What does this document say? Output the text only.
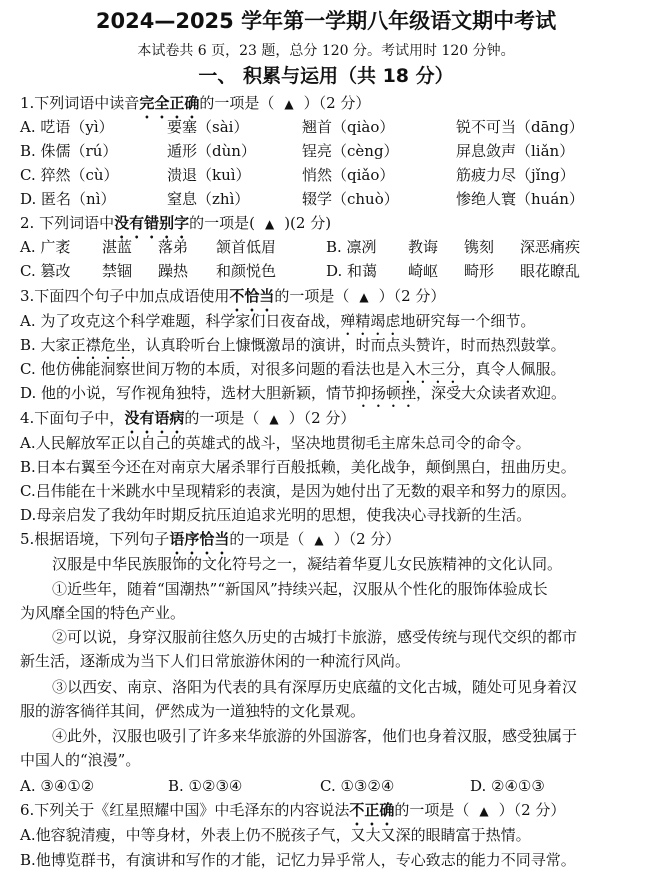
2024—2025 学年第一学期八年级语文期中考试
本试卷共 6 页，23 题，总分 120 分。考试用时 120 分钟。
一、 积累与运用（共 18 分）
1.下列词语中读音完全正确的一项是（ ▲ ）（2 分）
A. 呓语（yì）	要塞（sài）	翘首（qiào）	锐不可当（dāng）
B. 侏儒（rú）	遁形（dùn）	锃亮（cèng）	屏息敛声（liǎn）
C. 猝然（cù）	溃退（kuì）	悄然（qiǎo）	筋疲力尽（jǐng）
D. 匿名（nì）	窒息（zhì）	辍学（chuò）	惨绝人寰（huán）
2. 下列词语中没有错别字的一项是( ▲ )(2 分)
A. 广袤 湛蓝 落弟 颔首低眉	B. 凛冽 教诲 镌刻 深恶痛疾
C. 篡改 禁锢 躁热 和颜悦色	D. 和蔼 崎岖 畸形 眼花瞭乱
3.下面四个句子中加点成语使用不恰当的一项是（ ▲ ）（2 分）
A. 为了攻克这个科学难题，科学家们日夜奋战，殚精竭虑地研究每一个细节。
B. 大家正襟危坐，认真聆听台上慷慨激昂的演讲，时而点头赞许，时而热烈鼓掌。
C. 他仿佛能洞察世间万物的本质，对很多问题的看法也是入木三分，真令人佩服。
D. 他的小说，写作视角独特，选材大胆新颖，情节抑扬顿挫，深受大众读者欢迎。
4.下面句子中，没有语病的一项是（ ▲ ）（2 分）
A.人民解放军正以自己的英雄式的战斗，坚决地贯彻毛主席朱总司令的命令。
B.日本右翼至今还在对南京大屠杀罪行百般抵赖，美化战争，颠倒黑白，扭曲历史。
C.吕伟能在十米跳水中呈现精彩的表演，是因为她付出了无数的艰辛和努力的原因。
D.母亲启发了我幼年时期反抗压迫追求光明的思想，使我决心寻找新的生活。
5.根据语境，下列句子语序恰当的一项是（ ▲ ）（2 分）
汉服是中华民族服饰的文化符号之一，凝结着华夏儿女民族精神的文化认同。
①近些年，随着“国潮热”“新国风”持续兴起，汉服从个性化的服饰体验成长
为风靡全国的特色产业。
②可以说，身穿汉服前往悠久历史的古城打卡旅游，感受传统与现代交织的都市
新生活，逐渐成为当下人们日常旅游休闲的一种流行风尚。
③以西安、南京、洛阳为代表的具有深厚历史底蕴的文化古城，随处可见身着汉
服的游客徜徉其间，俨然成为一道独特的文化景观。
④此外，汉服也吸引了许多来华旅游的外国游客，他们也身着汉服，感受独属于
中国人的“浪漫”。
A. ③④①②	B. ①②③④	C. ①③②④	D. ②④①③
6.下列关于《红星照耀中国》中毛泽东的内容说法不正确的一项是（ ▲ ）（2 分）
A.他容貌清瘦，中等身材，外表上仍不脱孩子气，又大又深的眼睛富于热情。
B.他博览群书，有演讲和写作的才能，记忆力异乎常人，专心致志的能力不同寻常。
